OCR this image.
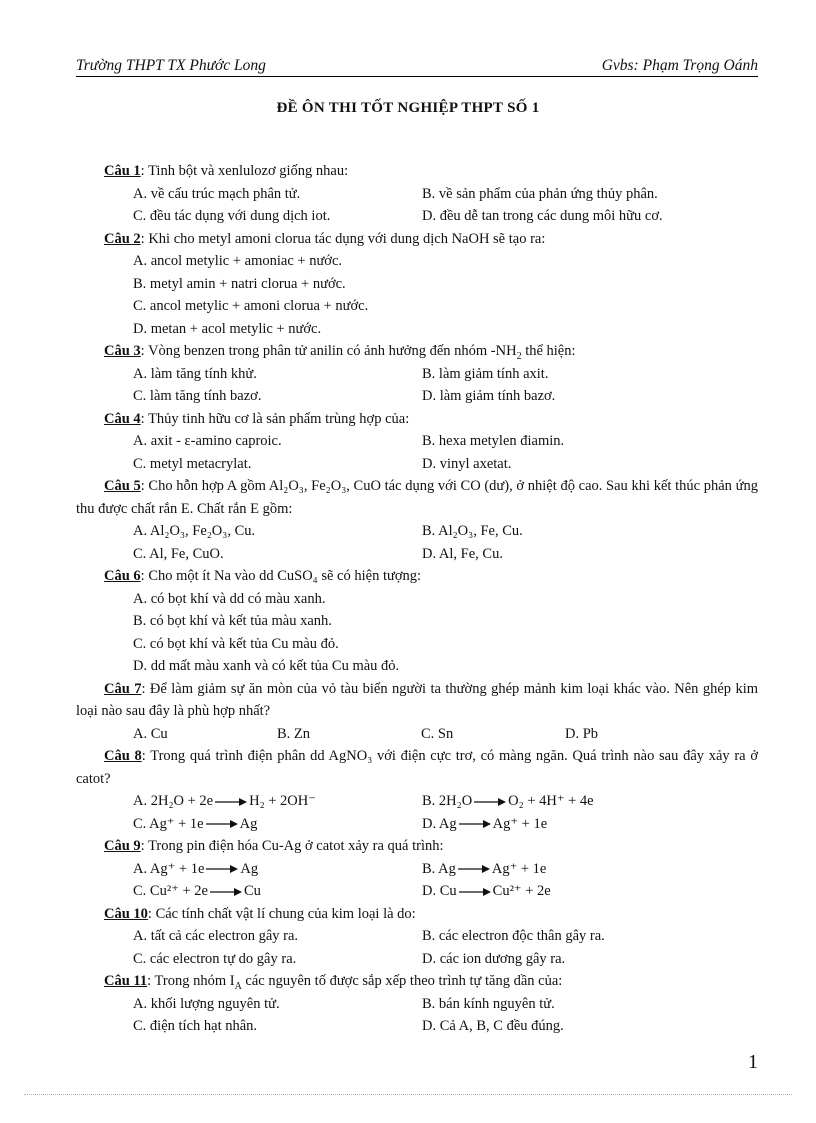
Trường THPT TX Phước Long	Gvbs: Phạm Trọng Oánh
ĐỀ ÔN THI TỐT NGHIỆP THPT SỐ 1
Câu 1: Tinh bột và xenlulozơ giống nhau:
A. về cấu trúc mạch phân tử.	B. về sản phẩm của phản ứng thủy phân.
C. đều tác dụng với dung dịch iot.	D. đều dễ tan trong các dung môi hữu cơ.
Câu 2: Khi cho metyl amoni clorua tác dụng với dung dịch NaOH sẽ tạo ra:
A. ancol metylic + amoniac + nước.
B. metyl amin + natri clorua + nước.
C. ancol metylic + amoni clorua + nước.
D. metan + acol metylic + nước.
Câu 3: Vòng benzen trong phân tử anilin có ảnh hưởng đến nhóm $-NH_2$ thể hiện:
A. làm tăng tính khử.	B. làm giảm tính axit.
C. làm tăng tính bazơ.	D. làm giảm tính bazơ.
Câu 4: Thủy tinh hữu cơ là sản phẩm trùng hợp của:
A. axit - ε-amino caproic.	B. hexa metylen điamin.
C. metyl metacrylat.	D. vinyl axetat.
Câu 5: Cho hỗn hợp A gồm Al₂O₃, Fe₂O₃, CuO tác dụng với CO (dư), ở nhiệt độ cao. Sau khi kết thúc phản ứng thu được chất rắn E. Chất rắn E gồm:
A. Al₂O₃, Fe₂O₃, Cu.	B. Al₂O₃, Fe, Cu.
C. Al, Fe, CuO.	D. Al, Fe, Cu.
Câu 6: Cho một ít Na vào dd CuSO₄ sẽ có hiện tượng:
A. có bọt khí và dd có màu xanh.
B. có bọt khí và kết tủa màu xanh.
C. có bọt khí và kết tủa Cu màu đỏ.
D. dd mất màu xanh và có kết tủa Cu màu đỏ.
Câu 7: Để làm giảm sự ăn mòn của vỏ tàu biển người ta thường ghép mảnh kim loại khác vào. Nên ghép kim loại nào sau đây là phù hợp nhất?
A. Cu	B. Zn	C. Sn	D. Pb
Câu 8: Trong quá trình điện phân dd AgNO₃ với điện cực trơ, có màng ngăn. Quá trình nào sau đây xảy ra ở catot?
A. 2H₂O + 2e → H₂ + 2OH⁻	B. 2H₂O → O₂ + 4H⁺ + 4e
C. Ag⁺ + 1e → Ag	D. Ag → Ag⁺ + 1e
Câu 9: Trong pin điện hóa Cu-Ag ở catot xảy ra quá trình:
A. Ag⁺ + 1e → Ag	B. Ag → Ag⁺ + 1e
C. Cu²⁺ + 2e → Cu	D. Cu → Cu²⁺ + 2e
Câu 10: Các tính chất vật lí chung của kim loại là do:
A. tất cả các electron gây ra.	B. các electron độc thân gây ra.
C. các electron tự do gây ra.	D. các ion dương gây ra.
Câu 11: Trong nhóm $I_A$ các nguyên tố được sắp xếp theo trình tự tăng dần của:
A. khối lượng nguyên tử.	B. bán kính nguyên tử.
C. điện tích hạt nhân.	D. Cả A, B, C đều đúng.
1
